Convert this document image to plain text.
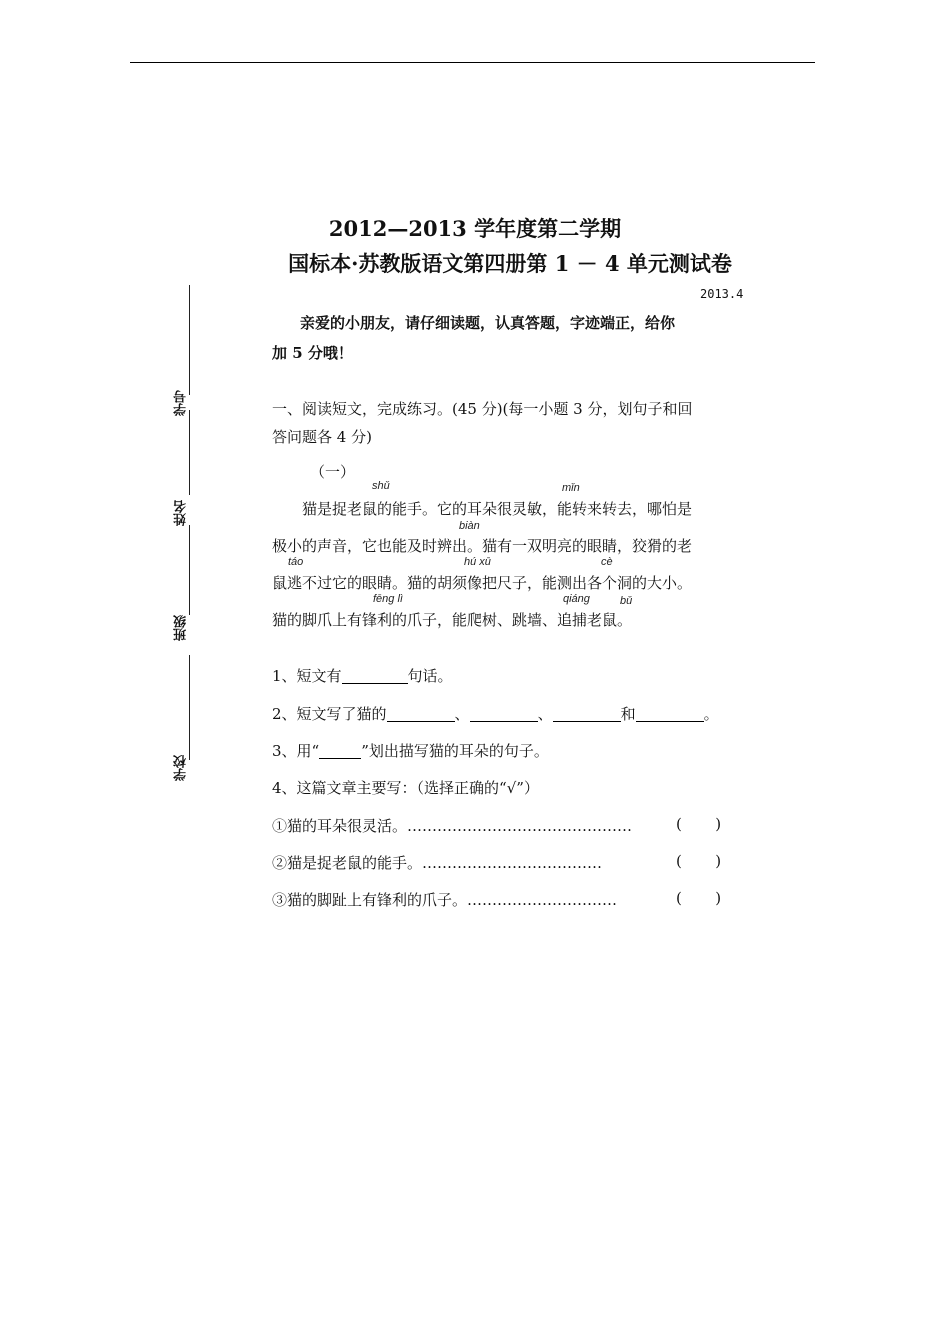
学号
姓名
班级
学校
2012—2013 学年度第二学期
国标本·苏教版语文第四册第 1 － 4 单元测试卷
2013.4
亲爱的小朋友，请仔细读题，认真答题，字迹端正，给你
加 5 分哦！
一、阅读短文，完成练习。(45 分)(每一小题 3 分，划句子和回
答问题各 4 分)
（一）
shǔ	mǐn
biàn
táo	hú xū	cè
fēng lì	qiáng	bǔ
猫是捉老鼠的能手。它的耳朵很灵敏，能转来转去，哪怕是
极小的声音，它也能及时辨出。猫有一双明亮的眼睛，狡猾的老
鼠逃不过它的眼睛。猫的胡须像把尺子，能测出各个洞的大小。
猫的脚爪上有锋利的爪子，能爬树、跳墙、追捕老鼠。
1、短文有	句话。
2、短文写了猫的	、	、	和	。
3、用“	”划出描写猫的耳朵的句子。
4、这篇文章主要写：（选择正确的“√”）
①猫的耳朵很灵活。………………………………………	(       )
②猫是捉老鼠的能手。………………………………	(       )
③猫的脚趾上有锋利的爪子。…………………………	(       )
